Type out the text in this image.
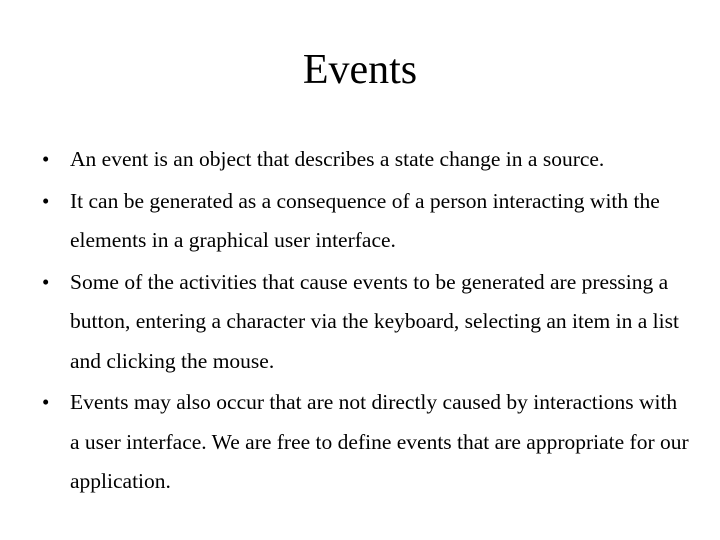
Events
• An event is an object that describes a state change in a source.
• It can be generated as a consequence of a person interacting with the elements in a graphical user interface.
• Some of the activities that cause events to be generated are pressing a button, entering a character via the keyboard, selecting an item in a list and clicking the mouse.
• Events may also occur that are not directly caused by interactions with a user interface. We are free to define events that are appropriate for our application.
